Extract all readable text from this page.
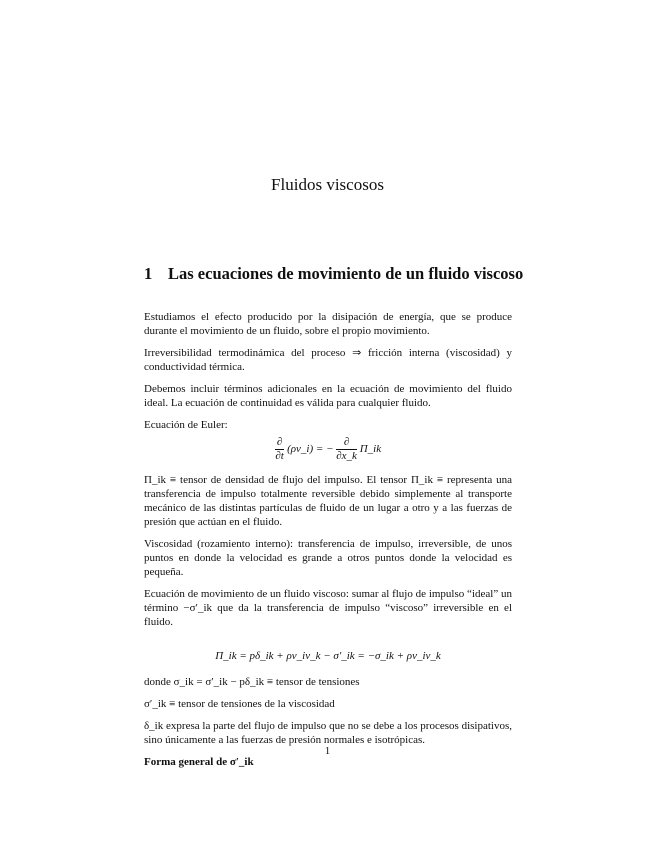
Fluidos viscosos
1 Las ecuaciones de movimiento de un fluido viscoso

Estudiamos el efecto producido por la disipación de energía, que se produce durante el movimiento de un fluido, sobre el propio movimiento.

Irreversibilidad termodinámica del proceso ⇒ fricción interna (viscosidad) y conductividad térmica.

Debemos incluir términos adicionales en la ecuación de movimiento del fluido ideal. La ecuación de continuidad es válida para cualquier fluido.

Ecuación de Euler:

$\frac{\partial}{\partial t}$ (ρv_i) = − $\frac{\partial}{\partial x\_k}$ Π_ik

Π_ik ≡ tensor de densidad de flujo del impulso. El tensor Π_ik ≡ representa una transferencia de impulso totalmente reversible debido simplemente al transporte mecánico de las distintas partículas de fluido de un lugar a otro y a las fuerzas de presión que actúan en el fluido.

Viscosidad (rozamiento interno): transferencia de impulso, irreversible, de unos puntos en donde la velocidad es grande a otros puntos donde la velocidad es pequeña.

Ecuación de movimiento de un fluido viscoso: sumar al flujo de impulso “ideal” un término −σ′_ik que da la transferencia de impulso “viscoso” irreversible en el fluido.

Π_ik = pδ_ik + ρv_iv_k − σ′_ik = −σ_ik + ρv_iv_k

donde σ_ik = σ′_ik − pδ_ik ≡ tensor de tensiones

σ′_ik ≡ tensor de tensiones de la viscosidad

δ_ik expresa la parte del flujo de impulso que no se debe a los procesos disipativos, sino únicamente a las fuerzas de presión normales e isotrópicas.

Forma general de σ′_ik

1
